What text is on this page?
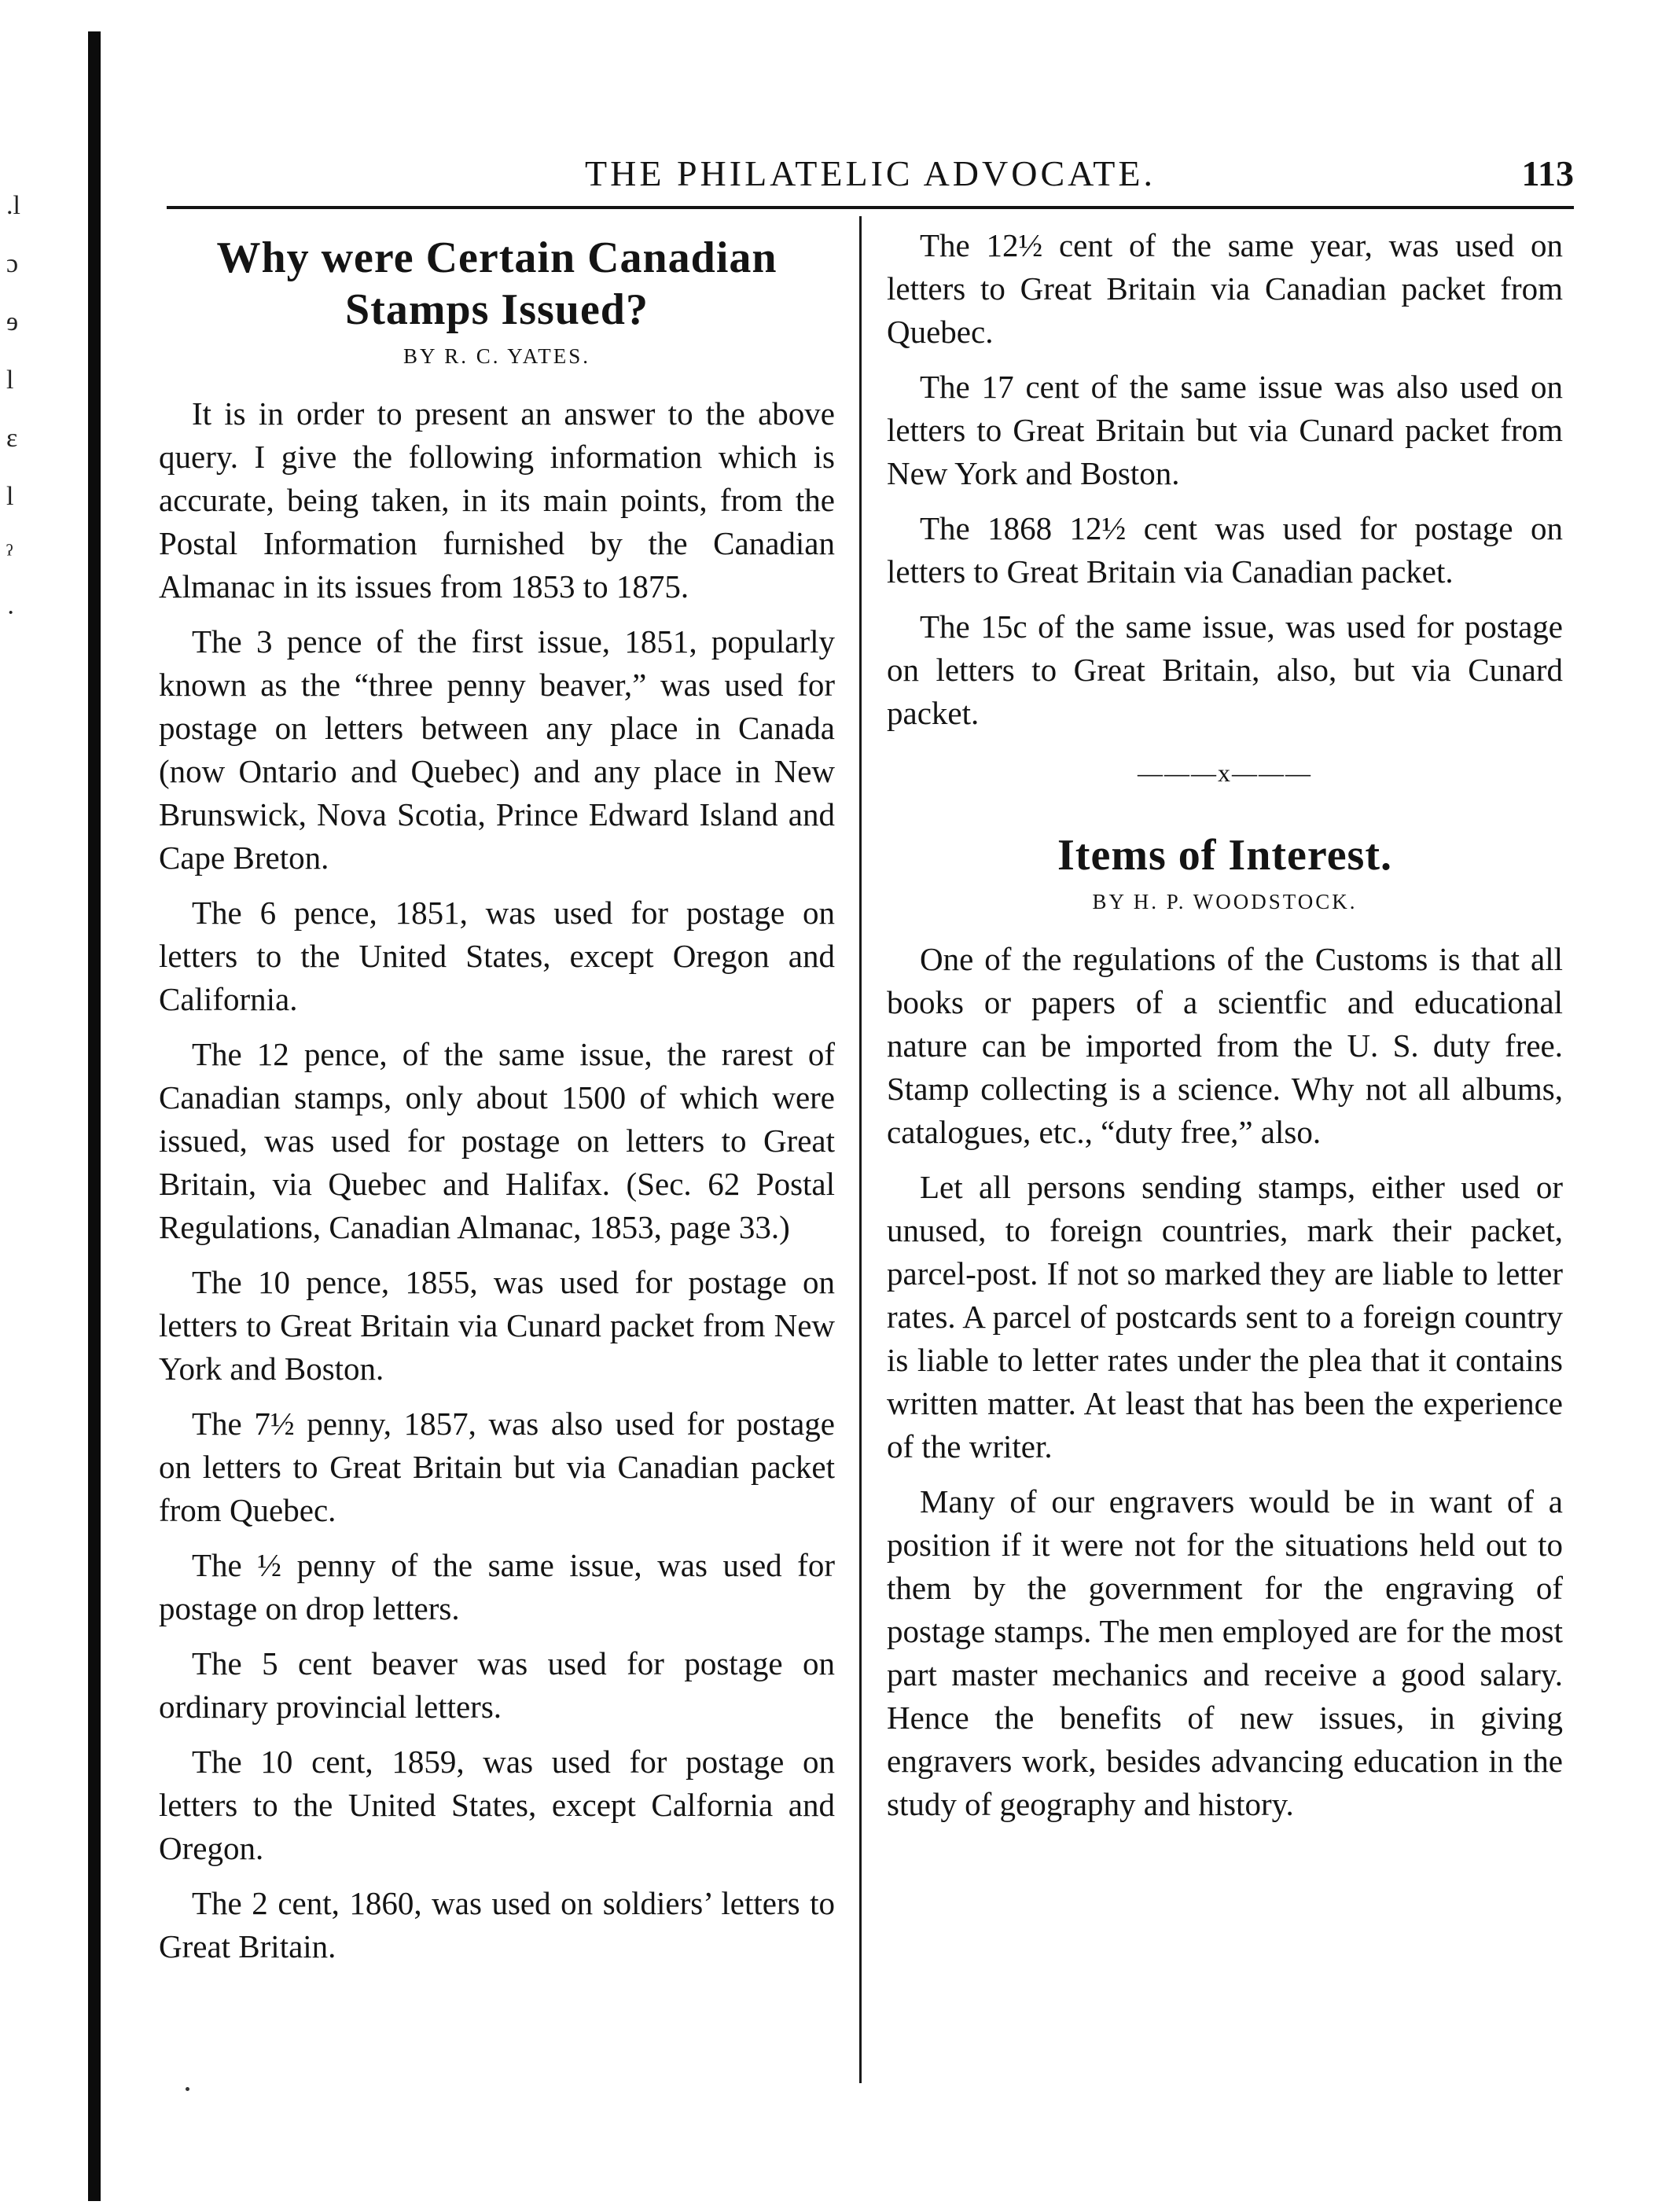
.l
ɔ
ɘ
l
ɛ
l
ˀ
·
THE PHILATELIC ADVOCATE.	113
Why were Certain Canadian Stamps Issued?
BY R. C. YATES.

It is in order to present an answer to the above query. I give the following information which is accurate, being taken, in its main points, from the Postal Information furnished by the Canadian Almanac in its issues from 1853 to 1875.

The 3 pence of the first issue, 1851, popularly known as the “three penny beaver,” was used for postage on letters between any place in Canada (now Ontario and Quebec) and any place in New Brunswick, Nova Scotia, Prince Edward Island and Cape Breton.

The 6 pence, 1851, was used for postage on letters to the United States, except Oregon and California.

The 12 pence, of the same issue, the rarest of Canadian stamps, only about 1500 of which were issued, was used for postage on letters to Great Britain, via Quebec and Halifax. (Sec. 62 Postal Regulations, Canadian Almanac, 1853, page 33.)

The 10 pence, 1855, was used for postage on letters to Great Britain via Cunard packet from New York and Boston.

The 7½ penny, 1857, was also used for postage on letters to Great Britain but via Canadian packet from Quebec.

The ½ penny of the same issue, was used for postage on drop letters.

The 5 cent beaver was used for postage on ordinary provincial letters.

The 10 cent, 1859, was used for postage on letters to the United States, except Calfornia and Oregon.

The 2 cent, 1860, was used on soldiers’ letters to Great Britain.

The 12½ cent of the same year, was used on letters to Great Britain via Canadian packet from Quebec.

The 17 cent of the same issue was also used on letters to Great Britain but via Cunard packet from New York and Boston.

The 1868 12½ cent was used for postage on letters to Great Britain via Canadian packet.

The 15c of the same issue, was used for postage on letters to Great Britain, also, but via Cunard packet.

———x———
Items of Interest.
BY H. P. WOODSTOCK.

One of the regulations of the Customs is that all books or papers of a scientfic and educational nature can be imported from the U. S. duty free. Stamp collecting is a science. Why not all albums, catalogues, etc., “duty free,” also.

Let all persons sending stamps, either used or unused, to foreign countries, mark their packet, parcel-post. If not so marked they are liable to letter rates. A parcel of postcards sent to a foreign country is liable to letter rates under the plea that it contains written matter. At least that has been the experience of the writer.

Many of our engravers would be in want of a position if it were not for the situations held out to them by the government for the engraving of postage stamps. The men employed are for the most part master mechanics and receive a good salary. Hence the benefits of new issues, in giving engravers work, besides advancing education in the study of geography and history.
